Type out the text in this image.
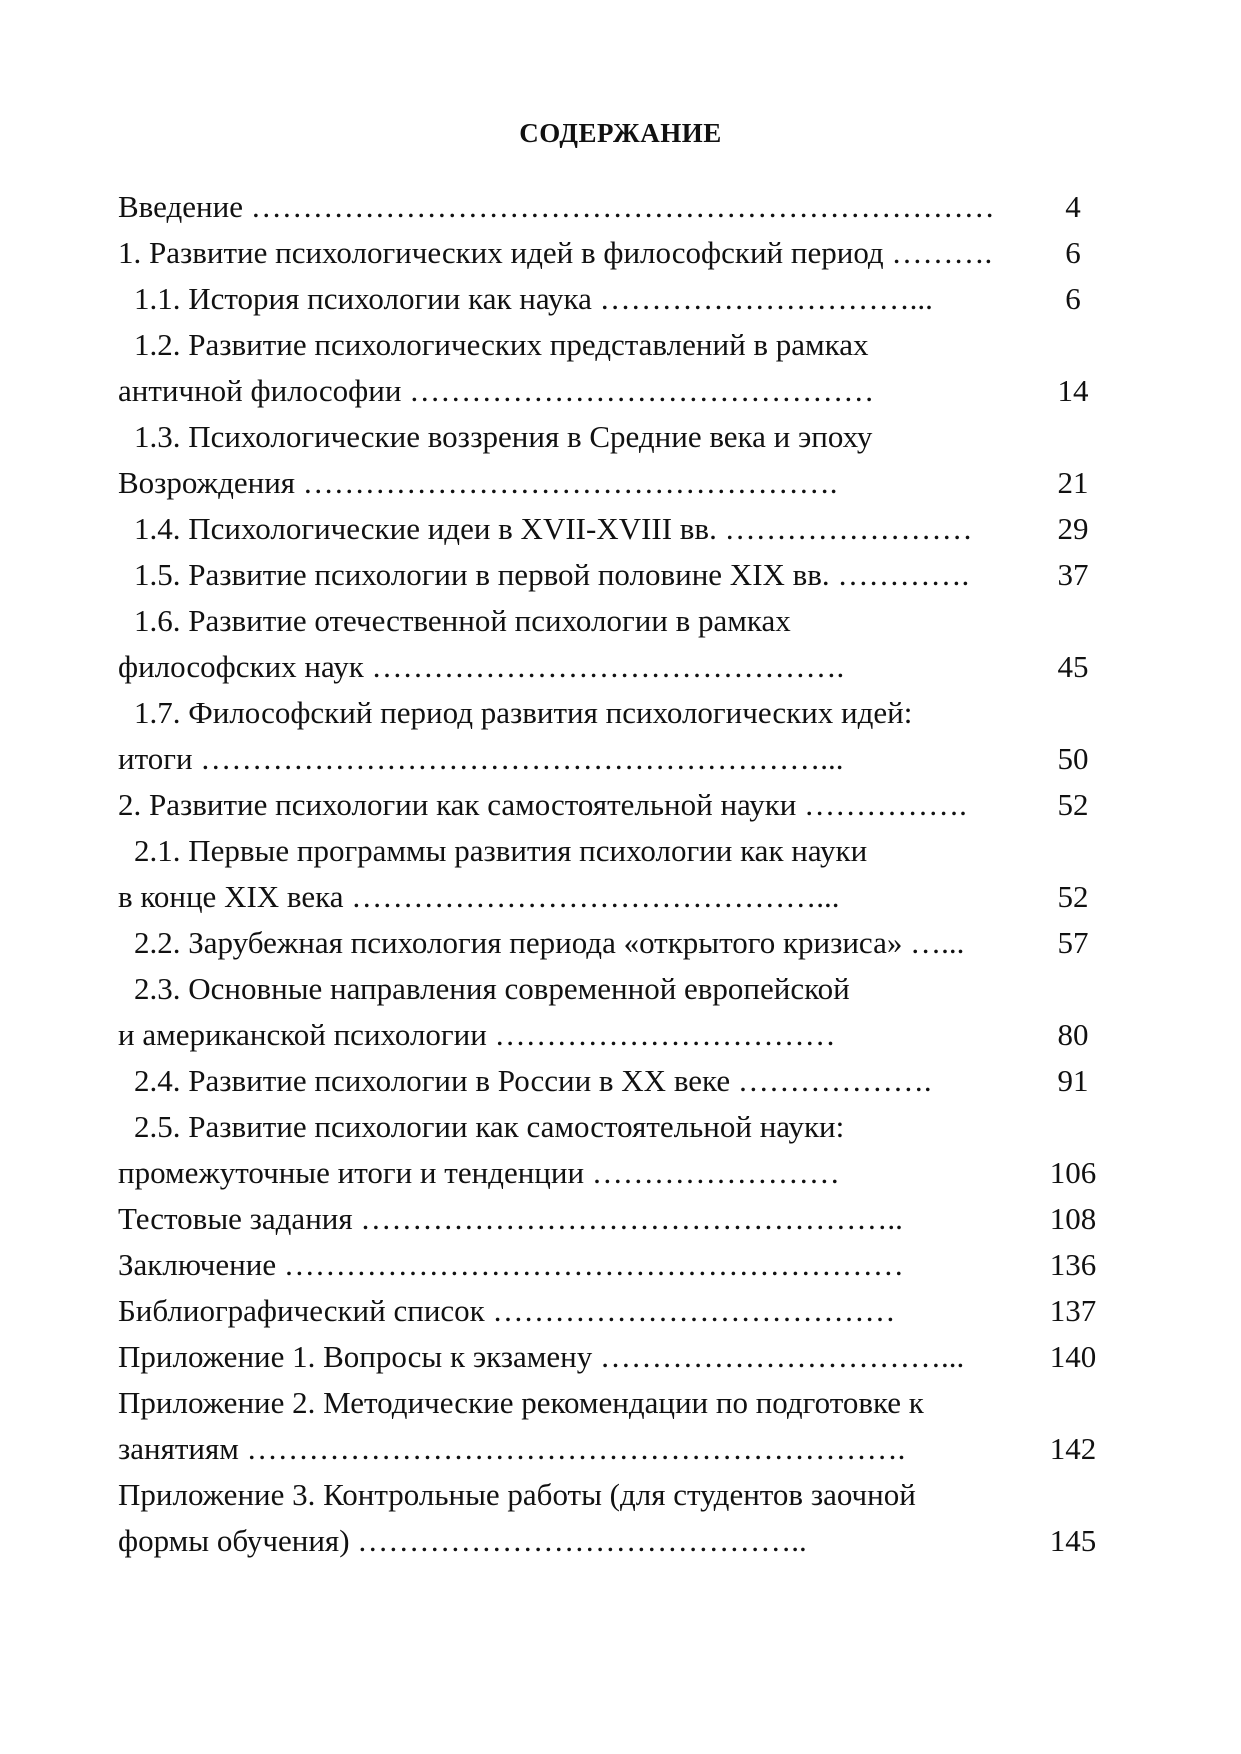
СОДЕРЖАНИЕ
Введение ………………………………………………………………	4
1. Развитие психологических идей в философский период ……….	6
1.1. История психологии как наука …………………………...	6
1.2. Развитие психологических представлений в рамках
античной философии ………………………………………	14
1.3. Психологические воззрения в Средние века и эпоху
Возрождения …………………………………………….	21
1.4. Психологические идеи в XVII-XVIII вв. ……………………	29
1.5. Развитие психологии в первой половине XIX вв. ………….	37
1.6. Развитие отечественной психологии в рамках
философских наук ……………………………………….	45
1.7. Философский период развития психологических идей:
итоги ……………………………………………………...	50
2. Развитие психологии как самостоятельной науки …………….	52
2.1. Первые программы развития психологии как науки
в конце XIX века ………………………………………...	52
2.2. Зарубежная психология периода «открытого кризиса» …...	57
2.3. Основные направления современной европейской
и американской психологии ……………………………	80
2.4. Развитие психологии в России в XX веке ……………….	91
2.5. Развитие психологии как самостоятельной науки:
промежуточные итоги и тенденции ……………………	106
Тестовые задания ……………………………………………..	108
Заключение ……………………………………………………	136
Библиографический список …………………………………	137
Приложение 1. Вопросы к экзамену ……………………………...	140
Приложение 2. Методические рекомендации по подготовке к
занятиям ……………………………………………………….	142
Приложение 3. Контрольные работы (для студентов заочной
формы обучения) ……………………………………..	145
